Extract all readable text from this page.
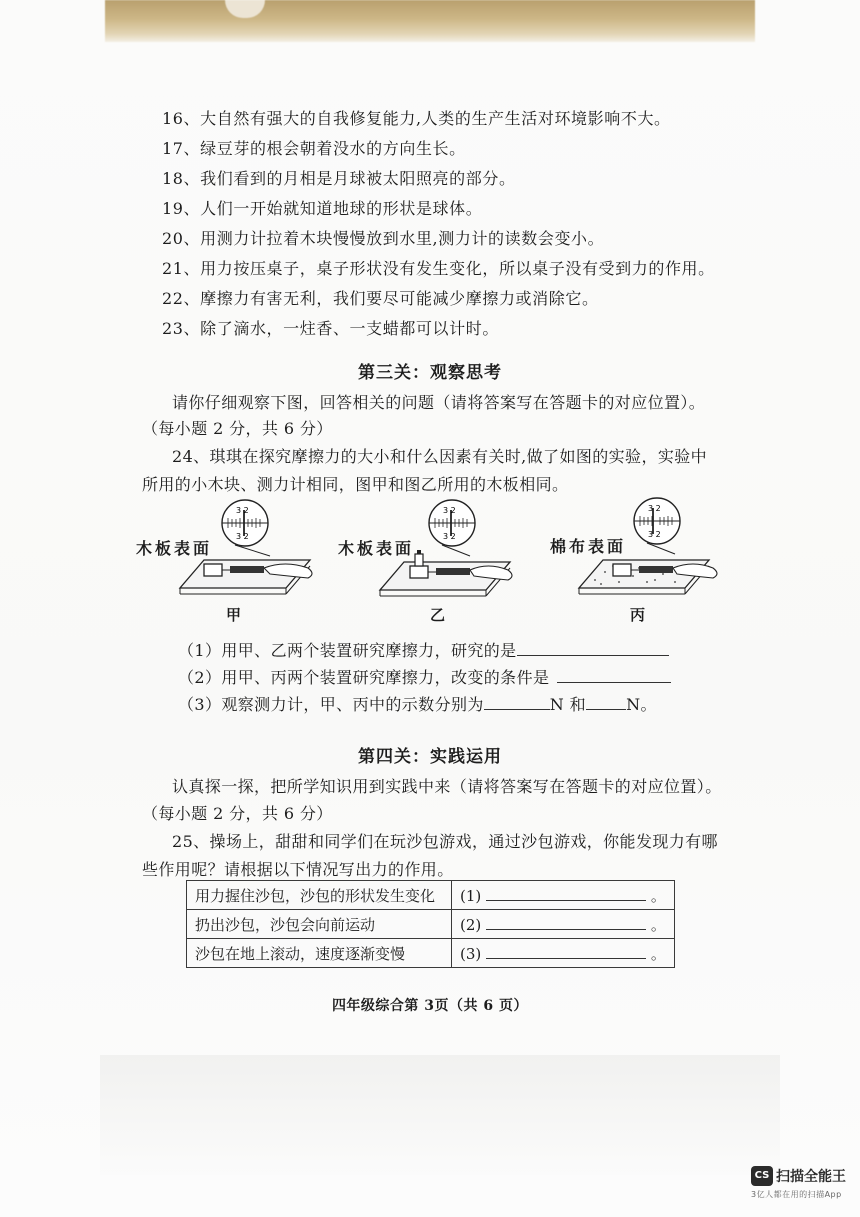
16、大自然有强大的自我修复能力,人类的生产生活对环境影响不大。
17、绿豆芽的根会朝着没水的方向生长。
18、我们看到的月相是月球被太阳照亮的部分。
19、人们一开始就知道地球的形状是球体。
20、用测力计拉着木块慢慢放到水里,测力计的读数会变小。
21、用力按压桌子，桌子形状没有发生变化，所以桌子没有受到力的作用。
22、摩擦力有害无利，我们要尽可能减少摩擦力或消除它。
23、除了滴水，一炷香、一支蜡都可以计时。
第三关：观察思考
请你仔细观察下图，回答相关的问题（请将答案写在答题卡的对应位置）。
（每小题 2 分，共 6 分）
24、琪琪在探究摩擦力的大小和什么因素有关时,做了如图的实验，实验中
所用的小木块、测力计相同，图甲和图乙所用的木板相同。
木板表面	木板表面	棉布表面
3 2
3 2
3 2
3 2
3 2
3 2
甲	乙	丙
（1）用甲、乙两个装置研究摩擦力，研究的是
（2）用甲、丙两个装置研究摩擦力，改变的条件是
（3）观察测力计，甲、丙中的示数分别为	N 和	N。
第四关：实践运用
认真探一探，把所学知识用到实践中来（请将答案写在答题卡的对应位置）。
（每小题 2 分，共 6 分）
25、操场上，甜甜和同学们在玩沙包游戏，通过沙包游戏，你能发现力有哪
些作用呢？请根据以下情况写出力的作用。
用力握住沙包，沙包的形状发生变化	(1) 。
扔出沙包，沙包会向前运动	(2) 。
沙包在地上滚动，速度逐渐变慢	(3) 。
四年级综合第 3页（共 6 页）
CS 扫描全能王
3亿人都在用的扫描App
